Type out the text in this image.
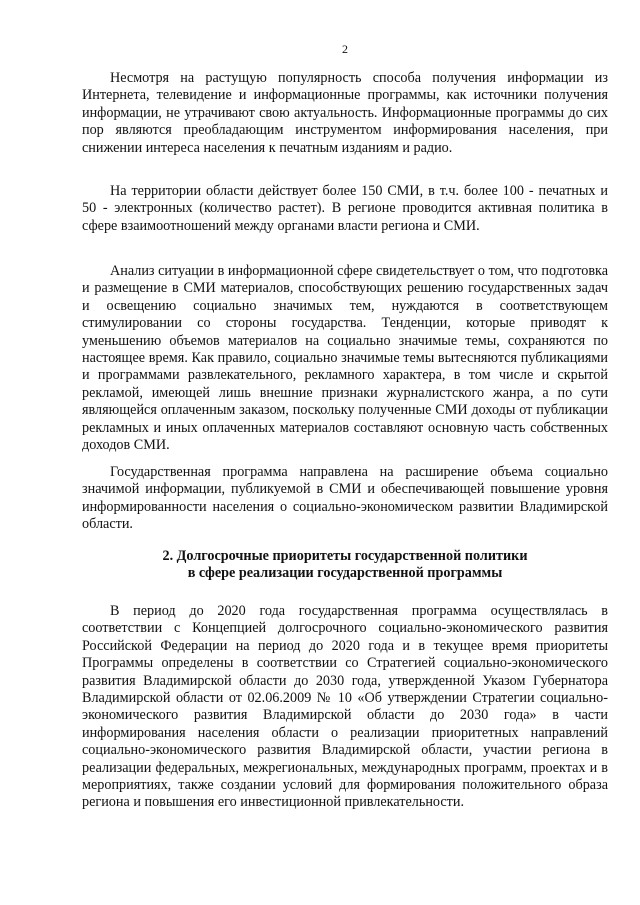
2

Несмотря на растущую популярность способа получения информации из Интернета, телевидение и информационные программы, как источники получения информации, не утрачивают свою актуальность. Информационные программы до сих пор являются преобладающим инструментом информирования населения, при снижении интереса населения к печатным изданиям и радио.

На территории области действует более 150 СМИ, в т.ч. более 100 - печатных и 50 - электронных (количество растет). В регионе проводится активная политика в сфере взаимоотношений между органами власти региона и СМИ.

Анализ ситуации в информационной сфере свидетельствует о том, что подготовка и размещение в СМИ материалов, способствующих решению государственных задач и освещению социально значимых тем, нуждаются в соответствующем стимулировании со стороны государства. Тенденции, которые приводят к уменьшению объемов материалов на социально значимые темы, сохраняются по настоящее время. Как правило, социально значимые темы вытесняются публикациями и программами развлекательного, рекламного характера, в том числе и скрытой рекламой, имеющей лишь внешние признаки журналистского жанра, а по сути являющейся оплаченным заказом, поскольку полученные СМИ доходы от публикации рекламных и иных оплаченных материалов составляют основную часть собственных доходов СМИ.

Государственная программа направлена на расширение объема социально значимой информации, публикуемой в СМИ и обеспечивающей повышение уровня информированности населения о социально-экономическом развитии Владимирской области.

2. Долгосрочные приоритеты государственной политики
в сфере реализации государственной программы

В период до 2020 года государственная программа осуществлялась в соответствии с Концепцией долгосрочного социально-экономического развития Российской Федерации на период до 2020 года и в текущее время приоритеты Программы определены в соответствии со Стратегией социально-экономического развития Владимирской области до 2030 года, утвержденной Указом Губернатора Владимирской области от 02.06.2009 № 10 «Об утверждении Стратегии социально-экономического развития Владимирской области до 2030 года» в части информирования населения области о реализации приоритетных направлений социально-экономического развития Владимирской области, участии региона в реализации федеральных, межрегиональных, международных программ, проектах и в мероприятиях, также создании условий для формирования положительного образа региона и повышения его инвестиционной привлекательности.
